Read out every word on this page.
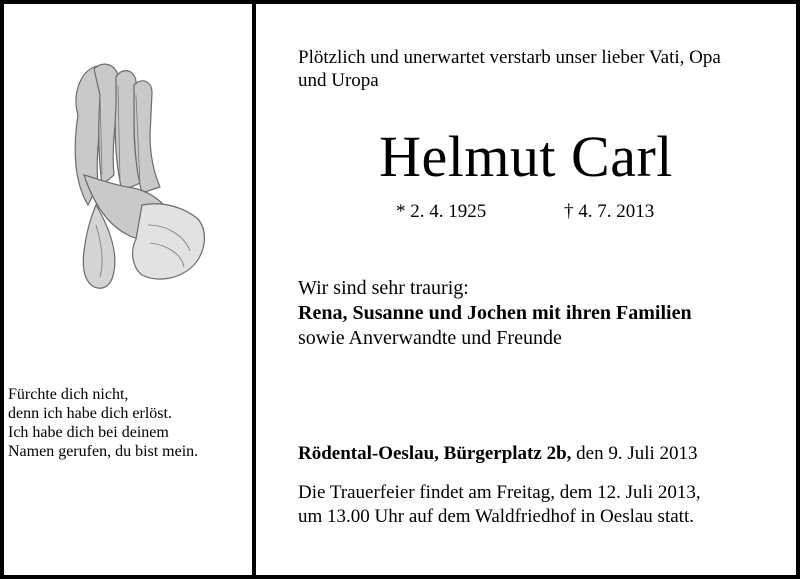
Fürchte dich nicht,
denn ich habe dich erlöst.
Ich habe dich bei deinem
Namen gerufen, du bist mein.
Plötzlich und unerwartet verstarb unser lieber Vati, Opa
und Uropa
Helmut Carl
* 2. 4. 1925	† 4. 7. 2013
Wir sind sehr traurig:
Rena, Susanne und Jochen mit ihren Familien
sowie Anverwandte und Freunde
Rödental-Oeslau, Bürgerplatz 2b, den 9. Juli 2013
Die Trauerfeier findet am Freitag, dem 12. Juli 2013,
um 13.00 Uhr auf dem Waldfriedhof in Oeslau statt.
